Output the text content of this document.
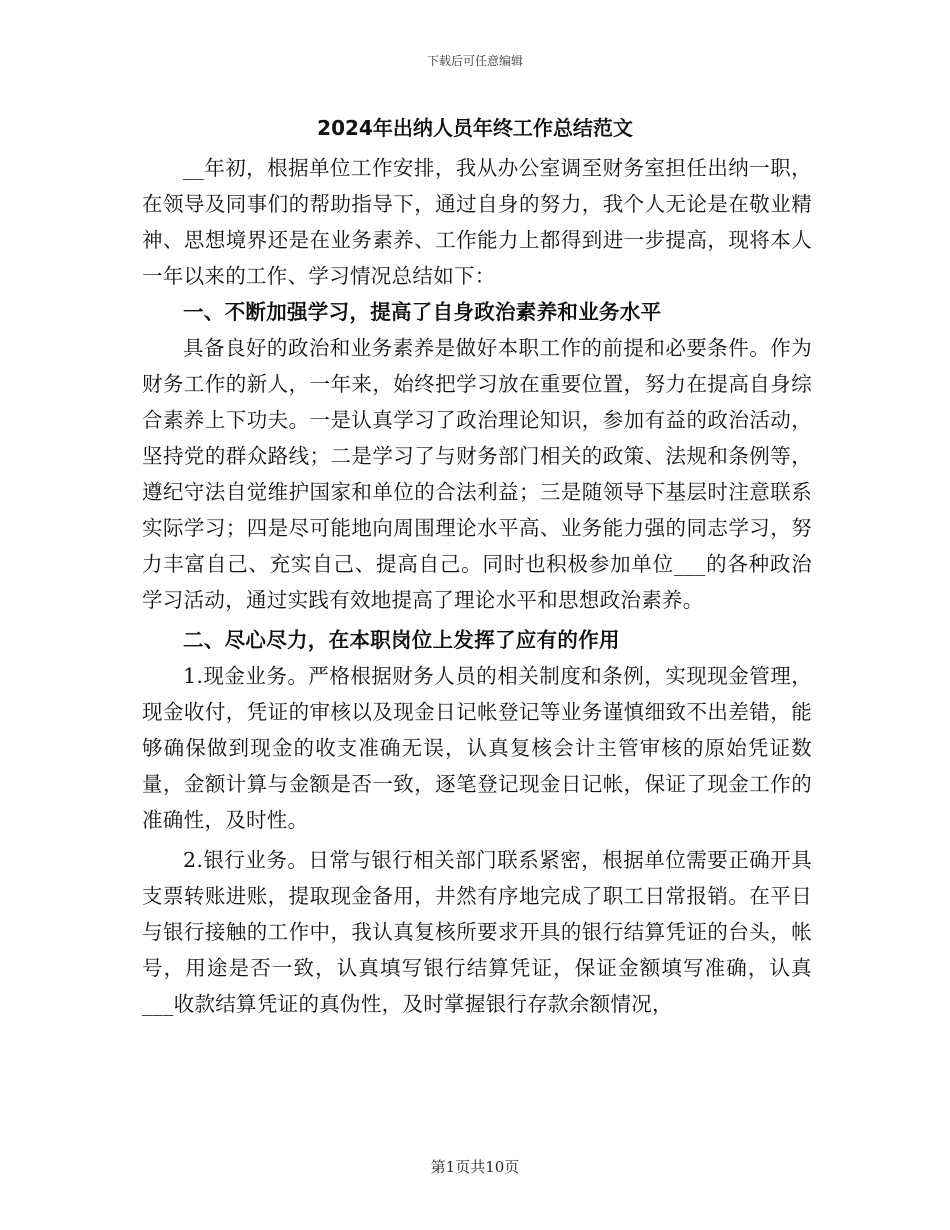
下载后可任意编辑
2024年出纳人员年终工作总结范文

__年初，根据单位工作安排，我从办公室调至财务室担任出纳一职，在领导及同事们的帮助指导下，通过自身的努力，我个人无论是在敬业精神、思想境界还是在业务素养、工作能力上都得到进一步提高，现将本人一年以来的工作、学习情况总结如下：

一、不断加强学习，提高了自身政治素养和业务水平

具备良好的政治和业务素养是做好本职工作的前提和必要条件。作为财务工作的新人，一年来，始终把学习放在重要位置，努力在提高自身综合素养上下功夫。一是认真学习了政治理论知识，参加有益的政治活动，坚持党的群众路线；二是学习了与财务部门相关的政策、法规和条例等，遵纪守法自觉维护国家和单位的合法利益；三是随领导下基层时注意联系实际学习；四是尽可能地向周围理论水平高、业务能力强的同志学习，努力丰富自己、充实自己、提高自己。同时也积极参加单位___的各种政治学习活动，通过实践有效地提高了理论水平和思想政治素养。

二、尽心尽力，在本职岗位上发挥了应有的作用

1.现金业务。严格根据财务人员的相关制度和条例，实现现金管理，现金收付，凭证的审核以及现金日记帐登记等业务谨慎细致不出差错，能够确保做到现金的收支准确无误，认真复核会计主管审核的原始凭证数量，金额计算与金额是否一致，逐笔登记现金日记帐，保证了现金工作的准确性，及时性。

2.银行业务。日常与银行相关部门联系紧密，根据单位需要正确开具支票转账进账，提取现金备用，井然有序地完成了职工日常报销。在平日与银行接触的工作中，我认真复核所要求开具的银行结算凭证的台头，帐号，用途是否一致，认真填写银行结算凭证，保证金额填写准确，认真___收款结算凭证的真伪性，及时掌握银行存款余额情况，

第1页共10页
